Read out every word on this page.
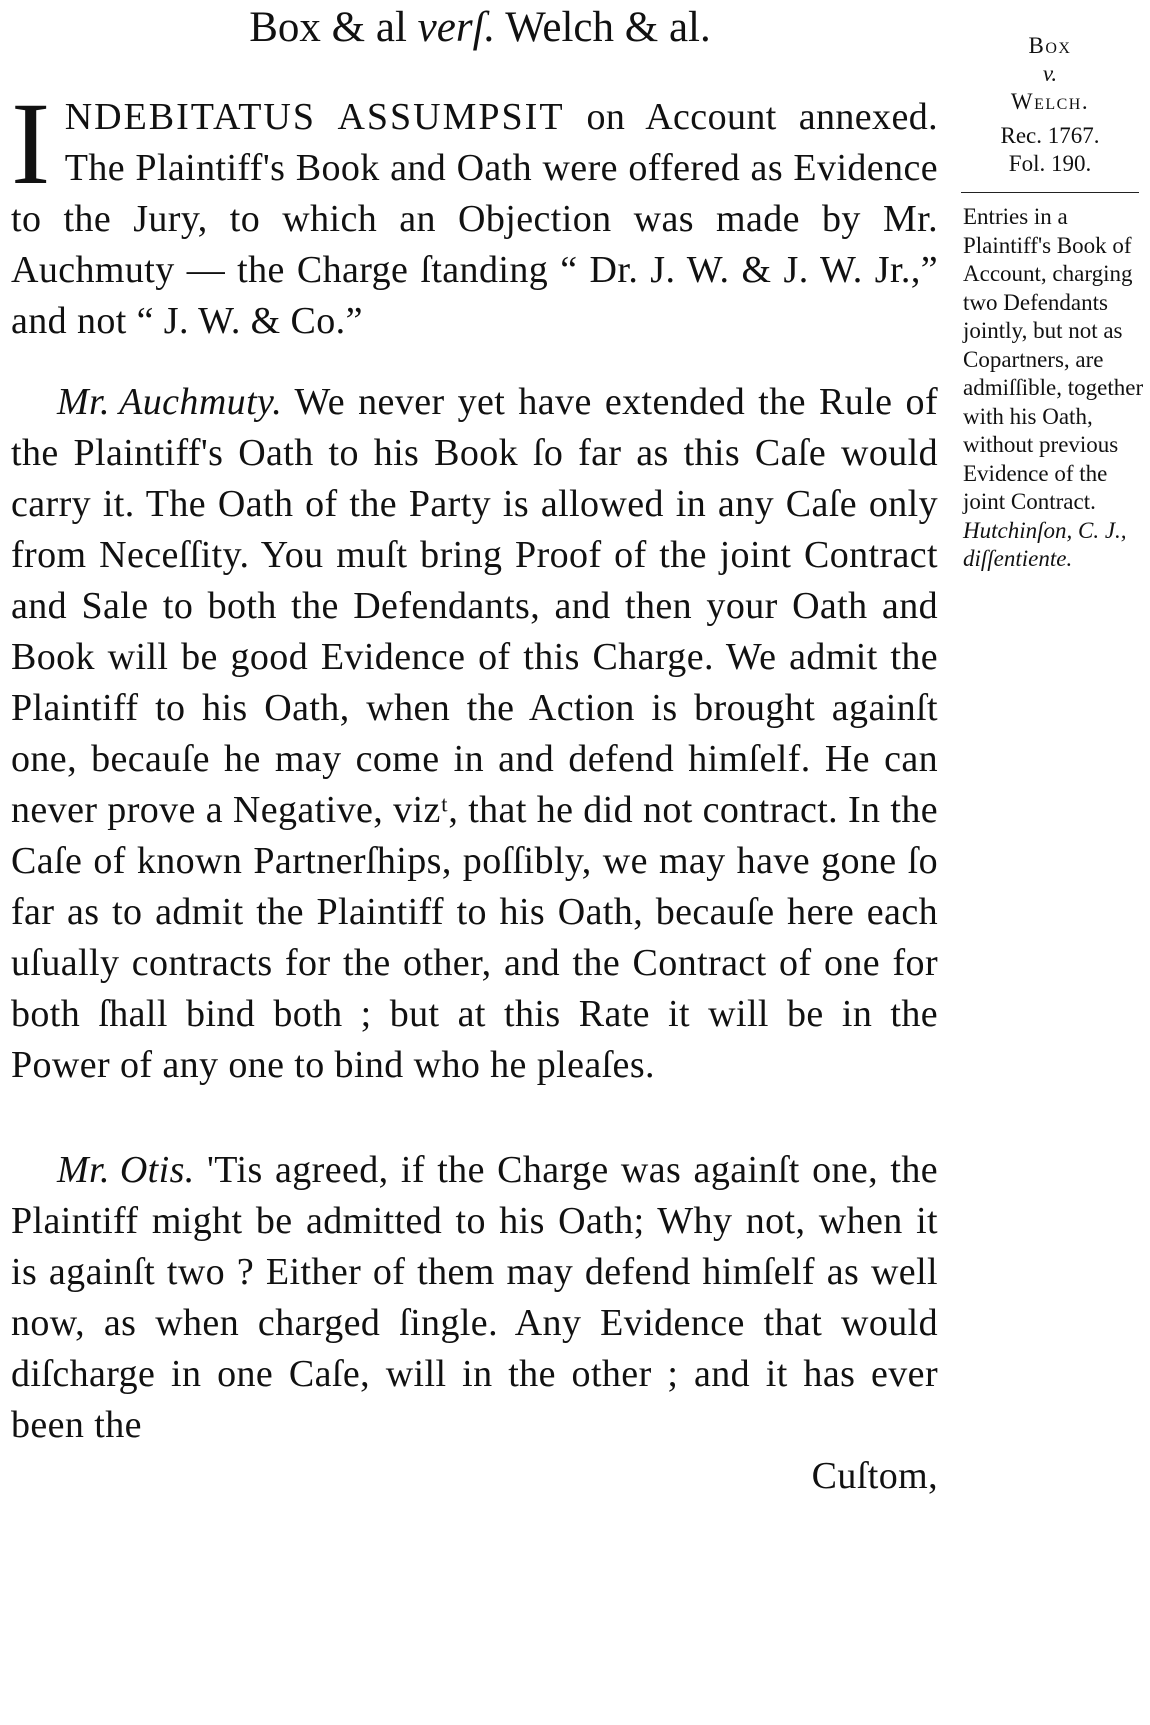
Box & al verſ. Welch & al.	Box
v.
Welch.
Rec. 1767.
Fol. 190.
Entries in a Plaintiff's Book of Account, charging two Defendants jointly, but not as Copartners, are admiſſible, together with his Oath, without previous Evidence of the joint Contract. Hutchinſon, C. J., diſſentiente.

INDEBITATUS ASSUMPSIT on Account annexed. The Plaintiff's Book and Oath were offered as Evidence to the Jury, to which an Objection was made by Mr. Auchmuty — the Charge ſtanding “ Dr. J. W. & J. W. Jr.,” and not “ J. W. & Co.”

Mr. Auchmuty. We never yet have extended the Rule of the Plaintiff's Oath to his Book ſo far as this Caſe would carry it. The Oath of the Party is allowed in any Caſe only from Neceſſity. You muſt bring Proof of the joint Contract and Sale to both the Defendants, and then your Oath and Book will be good Evidence of this Charge. We admit the Plaintiff to his Oath, when the Action is brought againſt one, becauſe he may come in and defend himſelf. He can never prove a Negative, vizᵗ, that he did not contract. In the Caſe of known Partnerſhips, poſſibly, we may have gone ſo far as to admit the Plaintiff to his Oath, becauſe here each uſually contracts for the other, and the Contract of one for both ſhall bind both ; but at this Rate it will be in the Power of any one to bind who he pleaſes.

Mr. Otis. 'Tis agreed, if the Charge was againſt one, the Plaintiff might be admitted to his Oath; Why not, when it is againſt two ? Either of them may defend himſelf as well now, as when charged ſingle. Any Evidence that would diſcharge in one Caſe, will in the other ; and it has ever been the

Cuſtom,
